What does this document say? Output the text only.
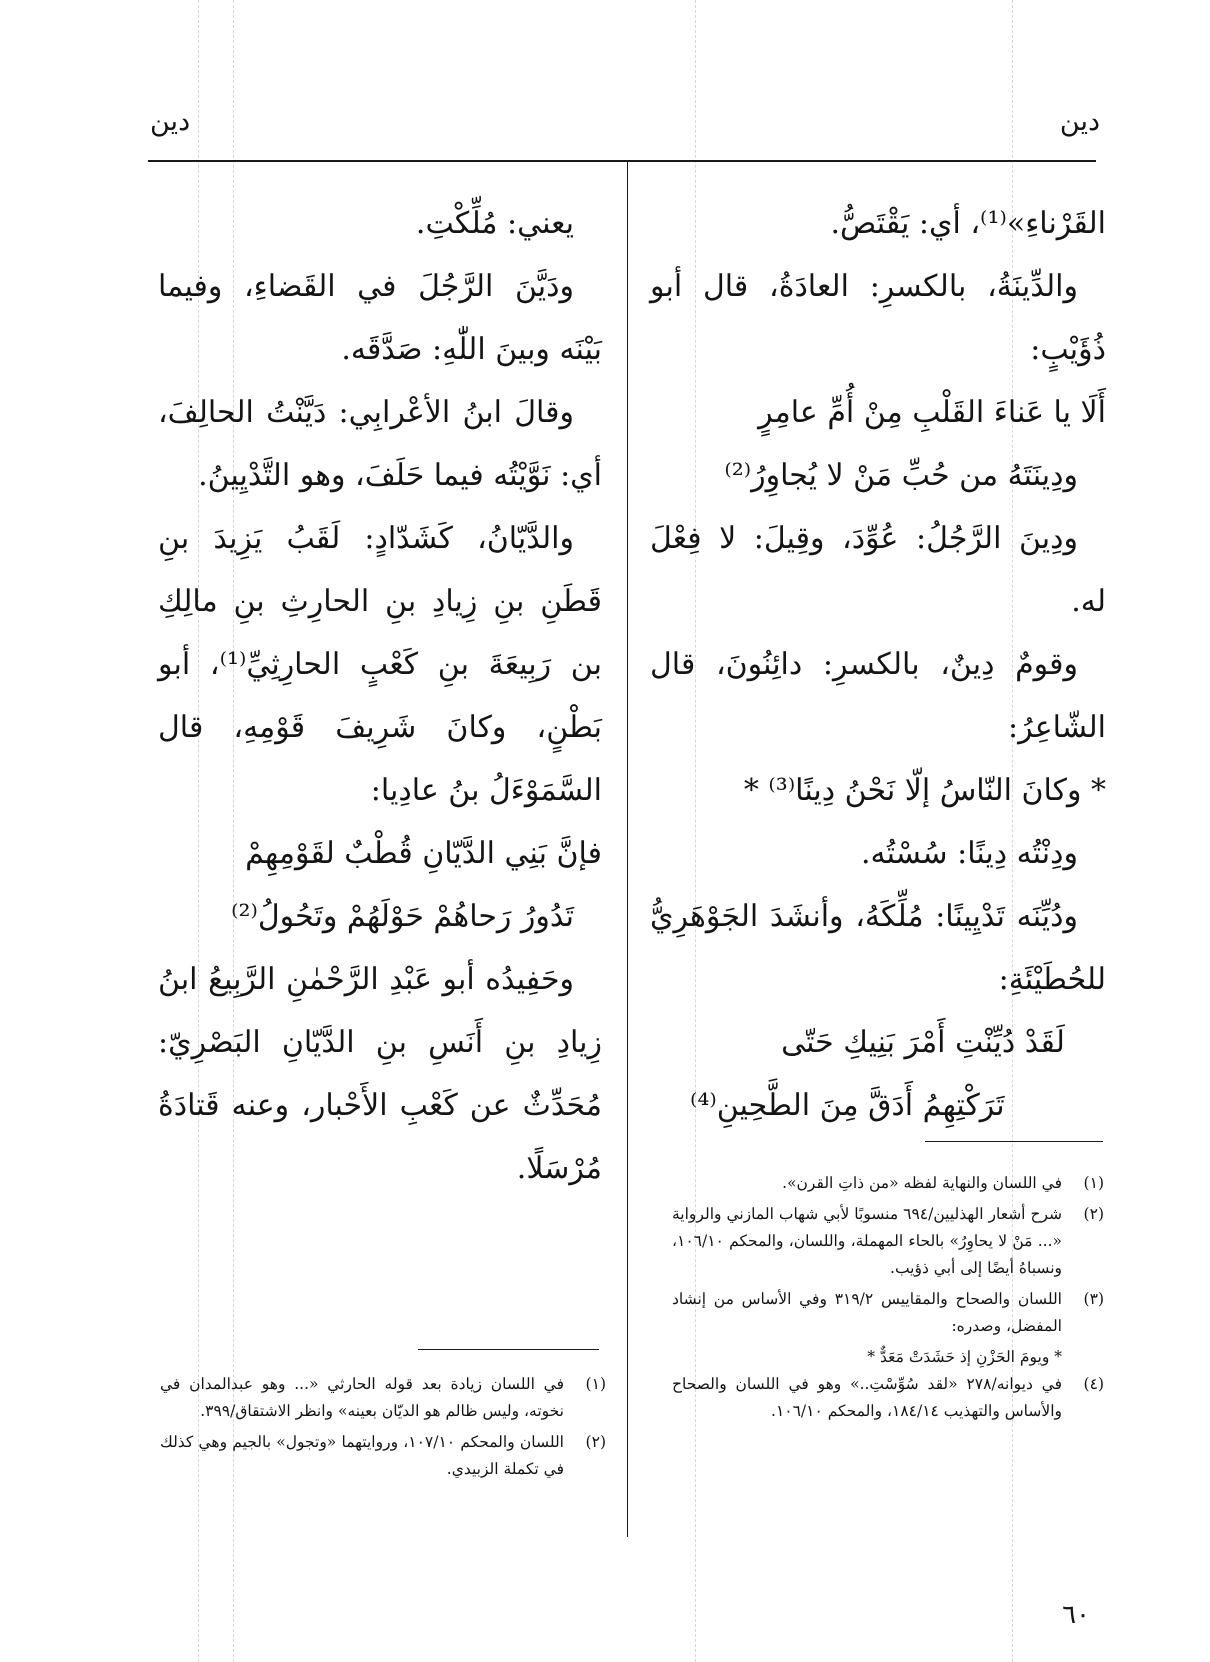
دين
دين

القَرْناءِ»⁽¹⁾، أي: يَقْتَصُّ.

والدِّينَةُ، بالكسرِ: العادَةُ، قال أبو ذُؤَيْبٍ:

أَلَا يا عَناءَ القَلْبِ مِنْ أُمِّ عامِرٍ

ودِينَتَهُ من حُبِّ مَنْ لا يُجاوِرُ⁽²⁾

ودِينَ الرَّجُلُ: عُوِّدَ، وقِيلَ: لا فِعْلَ له.

وقومٌ دِينٌ، بالكسرِ: دائِنُونَ، قال الشّاعِرُ:

* وكانَ النّاسُ إلّا نَحْنُ دِينًا⁽³⁾ *

ودِنْتُه دِينًا: سُسْتُه.

ودُيِّنَه تَدْيِينًا: مُلِّكَهُ، وأنشَدَ الجَوْهَرِيُّ للحُطَيْئَةِ:

لَقَدْ دُيِّنْتِ أَمْرَ بَنِيكِ حَتّى

تَرَكْتِهِمُ أَدَقَّ مِنَ الطَّحِينِ⁽⁴⁾

يعني: مُلِّكْتِ.

ودَيَّنَ الرَّجُلَ في القَضاءِ، وفيما بَيْنَه وبينَ اللّٰهِ: صَدَّقَه.

وقالَ ابنُ الأعْرابِي: دَيَّنْتُ الحالِفَ، أي: نَوَّيْتُه فيما حَلَفَ، وهو التَّدْيِينُ.

والدَّيّانُ، كَشَدّادٍ: لَقَبُ يَزِيدَ بنِ قَطَنِ بنِ زِيادِ بنِ الحارِثِ بنِ مالِكِ بن رَبِيعَةَ بنِ كَعْبٍ الحارِثِيِّ⁽¹⁾، أبو بَطْنٍ، وكانَ شَرِيفَ قَوْمِهِ، قال السَّمَوْءَلُ بنُ عادِيا:

فإنَّ بَنِي الدَّيّانِ قُطْبٌ لقَوْمِهِمْ

تَدُورُ رَحاهُمْ حَوْلَهُمْ وتَحُولُ⁽²⁾

وحَفِيدُه أبو عَبْدِ الرَّحْمٰنِ الرَّبِيعُ ابنُ زِيادِ بنِ أَنَسِ بنِ الدَّيّانِ البَصْرِيّ: مُحَدِّثٌ عن كَعْبِ الأَحْبار، وعنه قَتادَةُ مُرْسَلًا.	(١)
في اللسان والنهاية لفظه «من ذاتِ القرن».
(٢)
شرح أشعار الهذليين/٦٩٤ منسوبًا لأبي شهاب المازني والرواية «... مَنْ لا يحاوِرُ» بالحاء المهملة، واللسان، والمحكم ١٠٦/١٠، ونسباهُ أيضًا إلى أبي ذؤيب.
(٣)
اللسان والصحاح والمقاييس ٣١٩/٢ وفي الأساس من إنشاد المفضل، وصدره:
* ويومَ الحَزْنِ إذ حَشَدَتْ مَعَدٌّ *
(٤)
في ديوانه/٢٧٨ «لقد سُوِّسْتِ..» وهو في اللسان والصحاح والأساس والتهذيب ١٨٤/١٤، والمحكم ١٠٦/١٠.
(١)
في اللسان زيادة بعد قوله الحارثي «... وهو عبدالمدان في نخوته، وليس ظالم هو الديّان بعينه» وانظر الاشتقاق/٣٩٩.
(٢)
اللسان والمحكم ١٠٧/١٠، وروايتهما «وتجول» بالجيم وهي كذلك في تكملة الزبيدي.
٦٠
